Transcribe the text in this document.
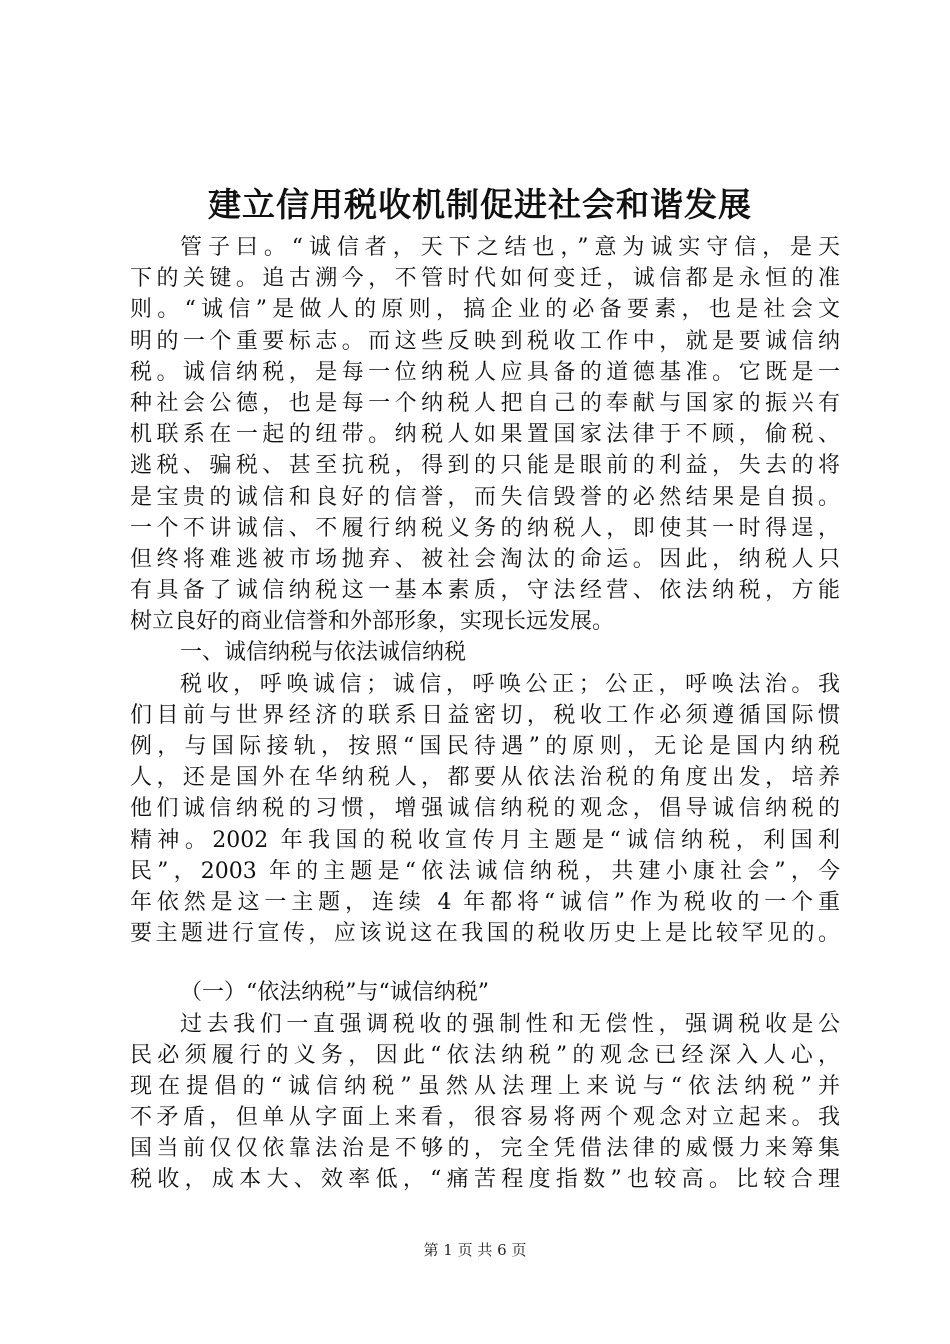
建立信用税收机制促进社会和谐发展
管子曰。“诚信者，天下之结也，”意为诚实守信，是天
下的关键。追古溯今，不管时代如何变迁，诚信都是永恒的准
则。“诚信”是做人的原则，搞企业的必备要素，也是社会文
明的一个重要标志。而这些反映到税收工作中，就是要诚信纳
税。诚信纳税，是每一位纳税人应具备的道德基准。它既是一
种社会公德，也是每一个纳税人把自己的奉献与国家的振兴有
机联系在一起的纽带。纳税人如果置国家法律于不顾，偷税、
逃税、骗税、甚至抗税，得到的只能是眼前的利益，失去的将
是宝贵的诚信和良好的信誉，而失信毁誉的必然结果是自损。
一个不讲诚信、不履行纳税义务的纳税人，即使其一时得逞，
但终将难逃被市场抛弃、被社会淘汰的命运。因此，纳税人只
有具备了诚信纳税这一基本素质，守法经营、依法纳税，方能
树立良好的商业信誉和外部形象，实现长远发展。
一、诚信纳税与依法诚信纳税
税收，呼唤诚信；诚信，呼唤公正；公正，呼唤法治。我
们目前与世界经济的联系日益密切，税收工作必须遵循国际惯
例，与国际接轨，按照“国民待遇”的原则，无论是国内纳税
人，还是国外在华纳税人，都要从依法治税的角度出发，培养
他们诚信纳税的习惯，增强诚信纳税的观念，倡导诚信纳税的
精神。2002 年我国的税收宣传月主题是“诚信纳税，利国利
民”，2003 年的主题是“依法诚信纳税，共建小康社会”，今
年依然是这一主题，连续 4 年都将“诚信”作为税收的一个重
要主题进行宣传，应该说这在我国的税收历史上是比较罕见的。
（一）“依法纳税”与“诚信纳税”
过去我们一直强调税收的强制性和无偿性，强调税收是公
民必须履行的义务，因此“依法纳税”的观念已经深入人心，
现在提倡的“诚信纳税”虽然从法理上来说与“依法纳税”并
不矛盾，但单从字面上来看，很容易将两个观念对立起来。我
国当前仅仅依靠法治是不够的，完全凭借法律的威慑力来筹集
税收，成本大、效率低，“痛苦程度指数”也较高。比较合理
第 1 页 共 6 页
